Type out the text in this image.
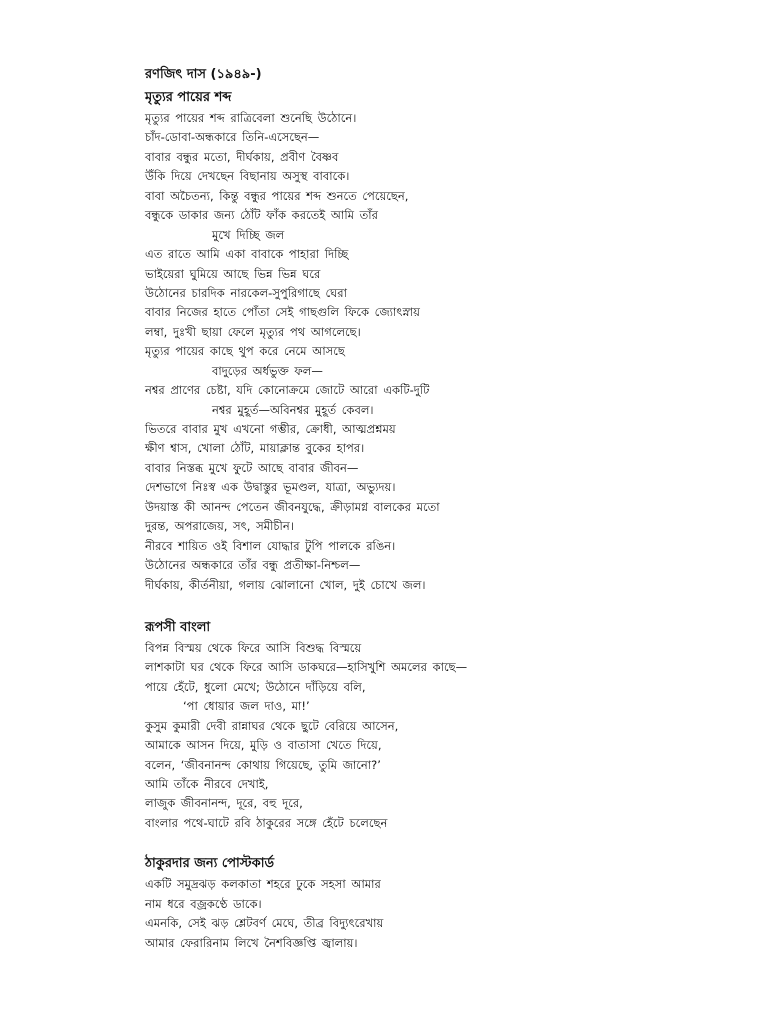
রণজিৎ দাস (১৯৪৯-)
মৃত্যুর পায়ের শব্দ
মৃত্যুর পায়ের শব্দ রাত্রিবেলা শুনেছি উঠোনে।
চাঁদ-ডোবা-অন্ধকারে তিনি-এসেছেন—
বাবার বন্ধুর মতো, দীর্ঘকায়, প্রবীণ বৈষ্ণব
উঁকি দিয়ে দেখছেন বিছানায় অসুস্থ বাবাকে।
বাবা অচৈতন্য, কিন্তু বন্ধুর পায়ের শব্দ শুনতে পেয়েছেন,
বন্ধুকে ডাকার জন্য ঠোঁট ফাঁক করতেই আমি তাঁর
মুখে দিচ্ছি জল
এত রাতে আমি একা বাবাকে পাহারা দিচ্ছি
ভাইয়েরা ঘুমিয়ে আছে ভিন্ন ভিন্ন ঘরে
উঠোনের চারদিক নারকেল-সুপুরিগাছে ঘেরা
বাবার নিজের হাতে পোঁতা সেই গাছগুলি ফিকে জ্যোৎস্নায়
লম্বা, দুঃখী ছায়া ফেলে মৃত্যুর পথ আগলেছে।
মৃত্যুর পায়ের কাছে থুপ করে নেমে আসছে
বাদুড়ের অর্ধভুক্ত ফল—
নশ্বর প্রাণের চেষ্টা, যদি কোনোক্রমে জোটে আরো একটি-দুটি
নশ্বর মুহূর্ত—অবিনশ্বর মুহূর্ত কেবল।
ভিতরে বাবার মুখ এখনো গম্ভীর, ক্রোধী, আত্মপ্রশ্নময়
ক্ষীণ শ্বাস, খোলা ঠোঁট, মায়াক্লান্ত বুকের হাপর।
বাবার নিস্তব্ধ মুখে ফুটে আছে বাবার জীবন—
দেশভাগে নিঃস্ব এক উদ্বাস্তুর ভূমণ্ডল, যাত্রা, অভ্যুদয়।
উদয়াস্ত কী আনন্দ পেতেন জীবনযুদ্ধে, ক্রীড়ামগ্ন বালকের মতো
দুরন্ত, অপরাজেয়, সৎ, সমীচীন।
নীরবে শায়িত ওই বিশাল যোদ্ধার টুপি পালকে রঙিন।
উঠোনের অন্ধকারে তাঁর বন্ধু প্রতীক্ষা-নিশ্চল—
দীর্ঘকায়, কীর্তনীয়া, গলায় ঝোলানো খোল, দুই চোখে জল।
রূপসী বাংলা
বিপন্ন বিস্ময় থেকে ফিরে আসি বিশুদ্ধ বিস্ময়ে
লাশকাটা ঘর থেকে ফিরে আসি ডাকঘরে—হাসিখুশি অমলের কাছে—
পায়ে হেঁটে, ধুলো মেখে; উঠোনে দাঁড়িয়ে বলি,
‘পা ধোয়ার জল দাও, মা!’
কুসুম কুমারী দেবী রান্নাঘর থেকে ছুটে বেরিয়ে আসেন,
আমাকে আসন দিয়ে, মুড়ি ও বাতাসা খেতে দিয়ে,
বলেন, ‘জীবনানন্দ কোথায় গিয়েছে, তুমি জানো?’
আমি তাঁকে নীরবে দেখাই,
লাজুক জীবনানন্দ, দূরে, বহু দূরে,
বাংলার পথে-ঘাটে রবি ঠাকুরের সঙ্গে হেঁটে চলেছেন
ঠাকুরদার জন্য পোস্টকার্ড
একটি সমুদ্রঝড় কলকাতা শহরে ঢুকে সহসা আমার
নাম ধরে বজ্রকণ্ঠে ডাকে।
এমনকি, সেই ঝড় শ্লেটবর্ণ মেঘে, তীব্র বিদ্যুৎরেখায়
আমার ফেরারিনাম লিখে নৈশবিজ্ঞপ্তি জ্বালায়।
